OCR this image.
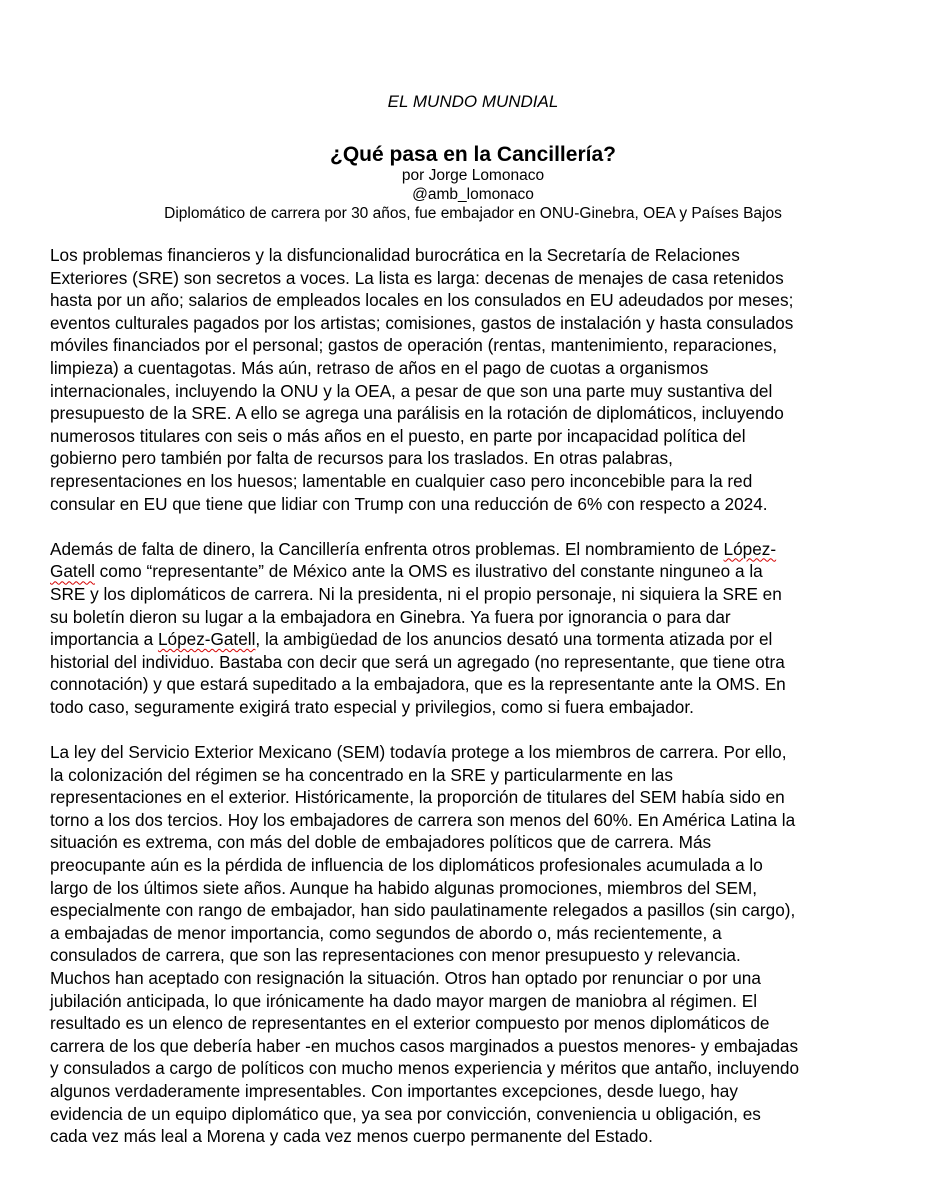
EL MUNDO MUNDIAL
¿Qué pasa en la Cancillería?
por Jorge Lomonaco
@amb_lomonaco
Diplomático de carrera por 30 años, fue embajador en ONU-Ginebra, OEA y Países Bajos

Los problemas financieros y la disfuncionalidad burocrática en la Secretaría de Relaciones
Exteriores (SRE) son secretos a voces. La lista es larga: decenas de menajes de casa retenidos
hasta por un año; salarios de empleados locales en los consulados en EU adeudados por meses;
eventos culturales pagados por los artistas; comisiones, gastos de instalación y hasta consulados
móviles financiados por el personal; gastos de operación (rentas, mantenimiento, reparaciones,
limpieza) a cuentagotas. Más aún, retraso de años en el pago de cuotas a organismos
internacionales, incluyendo la ONU y la OEA, a pesar de que son una parte muy sustantiva del
presupuesto de la SRE. A ello se agrega una parálisis en la rotación de diplomáticos, incluyendo
numerosos titulares con seis o más años en el puesto, en parte por incapacidad política del
gobierno pero también por falta de recursos para los traslados. En otras palabras,
representaciones en los huesos; lamentable en cualquier caso pero inconcebible para la red
consular en EU que tiene que lidiar con Trump con una reducción de 6% con respecto a 2024.

Además de falta de dinero, la Cancillería enfrenta otros problemas. El nombramiento de López-
Gatell como “representante” de México ante la OMS es ilustrativo del constante ninguneo a la
SRE y los diplomáticos de carrera. Ni la presidenta, ni el propio personaje, ni siquiera la SRE en
su boletín dieron su lugar a la embajadora en Ginebra. Ya fuera por ignorancia o para dar
importancia a López-Gatell, la ambigüedad de los anuncios desató una tormenta atizada por el
historial del individuo. Bastaba con decir que será un agregado (no representante, que tiene otra
connotación) y que estará supeditado a la embajadora, que es la representante ante la OMS. En
todo caso, seguramente exigirá trato especial y privilegios, como si fuera embajador.

La ley del Servicio Exterior Mexicano (SEM) todavía protege a los miembros de carrera. Por ello,
la colonización del régimen se ha concentrado en la SRE y particularmente en las
representaciones en el exterior. Históricamente, la proporción de titulares del SEM había sido en
torno a los dos tercios. Hoy los embajadores de carrera son menos del 60%. En América Latina la
situación es extrema, con más del doble de embajadores políticos que de carrera. Más
preocupante aún es la pérdida de influencia de los diplomáticos profesionales acumulada a lo
largo de los últimos siete años. Aunque ha habido algunas promociones, miembros del SEM,
especialmente con rango de embajador, han sido paulatinamente relegados a pasillos (sin cargo),
a embajadas de menor importancia, como segundos de abordo o, más recientemente, a
consulados de carrera, que son las representaciones con menor presupuesto y relevancia.
Muchos han aceptado con resignación la situación. Otros han optado por renunciar o por una
jubilación anticipada, lo que irónicamente ha dado mayor margen de maniobra al régimen. El
resultado es un elenco de representantes en el exterior compuesto por menos diplomáticos de
carrera de los que debería haber -en muchos casos marginados a puestos menores- y embajadas
y consulados a cargo de políticos con mucho menos experiencia y méritos que antaño, incluyendo
algunos verdaderamente impresentables. Con importantes excepciones, desde luego, hay
evidencia de un equipo diplomático que, ya sea por convicción, conveniencia u obligación, es
cada vez más leal a Morena y cada vez menos cuerpo permanente del Estado.
